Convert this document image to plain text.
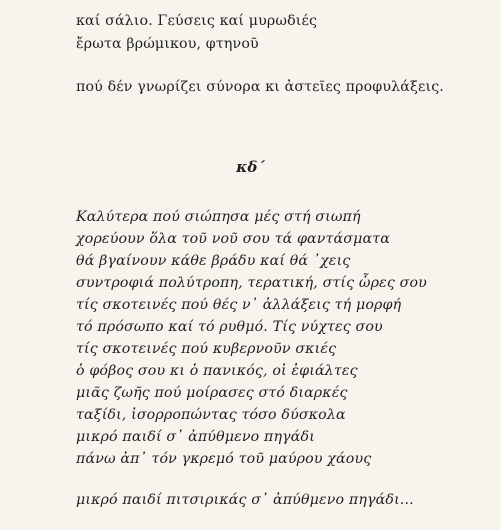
καί σάλιο. Γεύσεις καί μυρωδιές
ἔρωτα βρώμικου, φτηνοῦ
πού δέν γνωρίζει σύνορα κι ἀστεῖες προφυλάξεις.
κδ΄
Καλύτερα πού σιώπησα μές στή σιωπή
χορεύουν ὅλα τοῦ νοῦ σου τά φαντάσματα
θά βγαίνουν κάθε βράδυ καί θά ᾽χεις
συντροφιά πολύτροπη, τερατική, στίς ὧρες σου
τίς σκοτεινές πού θές ν᾽ ἀλλάξεις τή μορφή
τό πρόσωπο καί τό ρυθμό. Τίς νύχτες σου
τίς σκοτεινές πού κυβερνοῦν σκιές
ὁ φόβος σου κι ὁ πανικός, οἱ ἐφιάλτες
μιᾶς ζωῆς πού μοίρασες στό διαρκές
ταξίδι, ἰσορροπώντας τόσο δύσκολα
μικρό παιδί σ᾽ ἀπύθμενο πηγάδι
πάνω ἀπ᾽ τόν γκρεμό τοῦ μαύρου χάους
μικρό παιδί πιτσιρικάς σ᾽ ἀπύθμενο πηγάδι...
